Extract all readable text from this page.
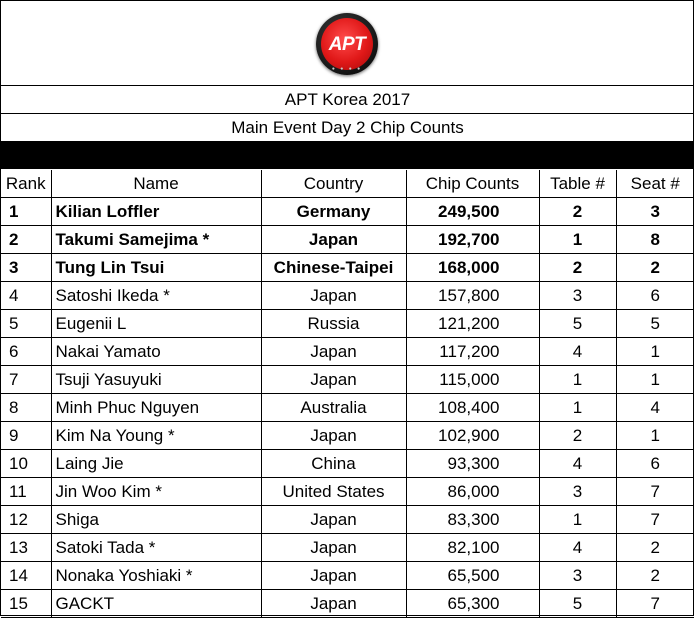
APT
● ● ● ●
APT Korea 2017
Main Event Day 2 Chip Counts
Rank	Name	Country	Chip Counts	Table #	Seat #
1	Kilian Loffler	Germany	249,500	2	3
2	Takumi Samejima *	Japan	192,700	1	8
3	Tung Lin Tsui	Chinese-Taipei	168,000	2	2
4	Satoshi Ikeda *	Japan	157,800	3	6
5	Eugenii L	Russia	121,200	5	5
6	Nakai Yamato	Japan	117,200	4	1
7	Tsuji Yasuyuki	Japan	115,000	1	1
8	Minh Phuc Nguyen	Australia	108,400	1	4
9	Kim Na Young *	Japan	102,900	2	1
10	Laing Jie	China	93,300	4	6
11	Jin Woo Kim *	United States	86,000	3	7
12	Shiga	Japan	83,300	1	7
13	Satoki Tada *	Japan	82,100	4	2
14	Nonaka Yoshiaki *	Japan	65,500	3	2
15	GACKT	Japan	65,300	5	7
